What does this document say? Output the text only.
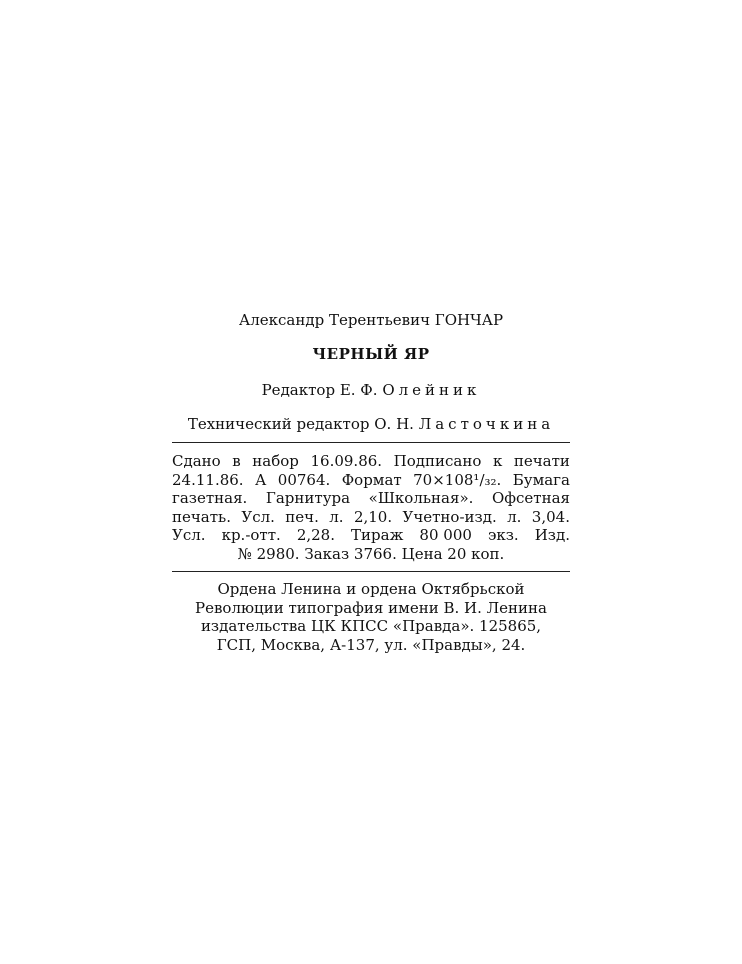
Александр Терентьевич ГОНЧАР
ЧЕРНЫЙ ЯР
Редактор Е. Ф. Олейник
Технический редактор О. Н. Ласточкина
Сдано в набор 16.09.86. Подписано к печати
24.11.86. А 00764. Формат 70×108¹/₃₂. Бумага
газетная. Гарнитура «Школьная». Офсетная
печать. Усл. печ. л. 2,10. Учетно-изд. л. 3,04.
Усл. кр.-отт. 2,28. Тираж 80 000 экз. Изд.
№ 2980. Заказ 3766. Цена 20 коп.
Ордена Ленина и ордена Октябрьской
Революции типография имени В. И. Ленина
издательства ЦК КПСС «Правда». 125865,
ГСП, Москва, А-137, ул. «Правды», 24.
